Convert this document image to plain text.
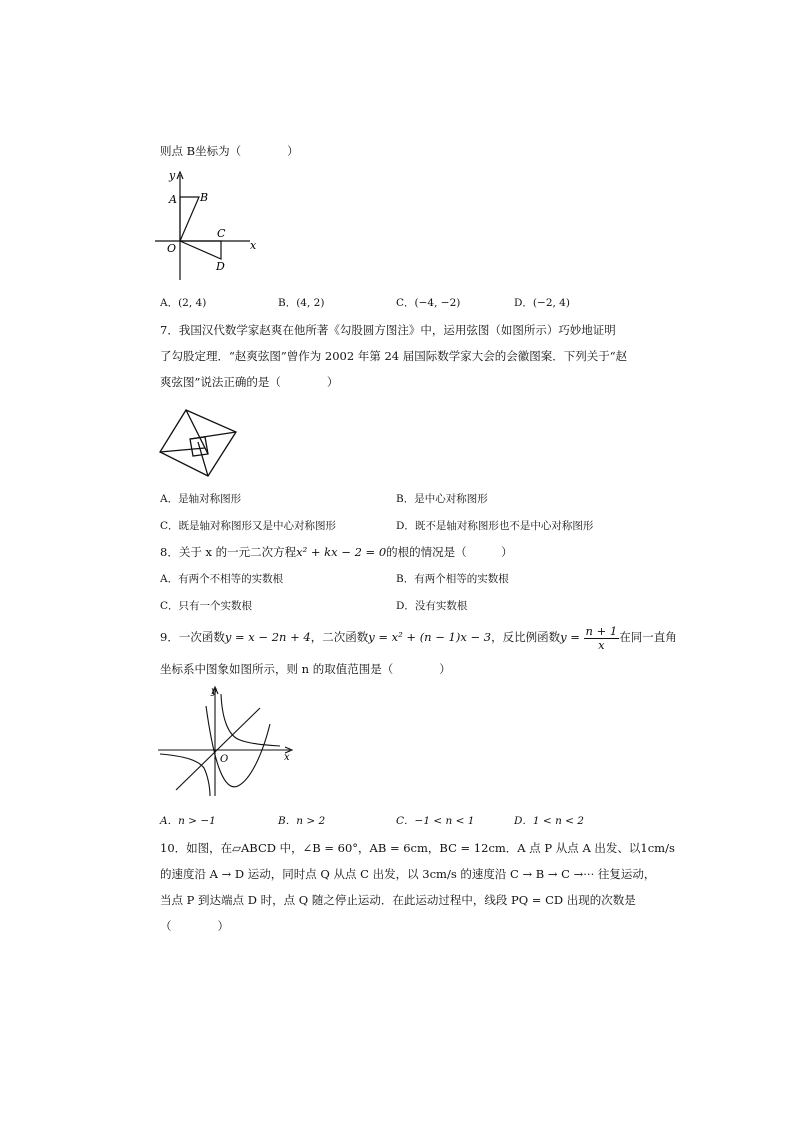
则点 B坐标为（　　　　）
y
x
A B
C
D
O
A．(2, 4)	B．(4, 2)	C．(−4, −2)	D．(−2, 4)
7．我国汉代数学家赵爽在他所著《勾股圆方图注》中，运用弦图（如图所示）巧妙地证明
了勾股定理．“赵爽弦图”曾作为 2002 年第 24 届国际数学家大会的会徽图案．下列关于“赵
爽弦图”说法正确的是（　　　　）
A．是轴对称图形	B．是中心对称图形
C．既是轴对称图形又是中心对称图形	D．既不是轴对称图形也不是中心对称图形
8．关于 x 的一元二次方程x² + kx − 2 = 0的根的情况是（　　　）
A．有两个不相等的实数根	B．有两个相等的实数根
C．只有一个实数根	D．没有实数根
9．一次函数y = x − 2n + 4，二次函数y = x² + (n − 1)x − 3，反比例函数$y = \frac{n + 1}{x}$ 在同一直角
坐标系中图象如图所示，则 n 的取值范围是（　　　　）
y
x
O
A．n > −1	B．n > 2	C．−1 < n < 1	D．1 < n < 2
10．如图，在▱ABCD 中，∠B = 60°，AB = 6cm，BC = 12cm．A 点 P 从点 A 出发、以1cm/s
的速度沿 A → D 运动，同时点 Q 从点 C 出发，以 3cm/s 的速度沿 C → B → C →··· 往复运动，
当点 P 到达端点 D 时，点 Q 随之停止运动．在此运动过程中，线段 PQ = CD 出现的次数是
（　　　　）
